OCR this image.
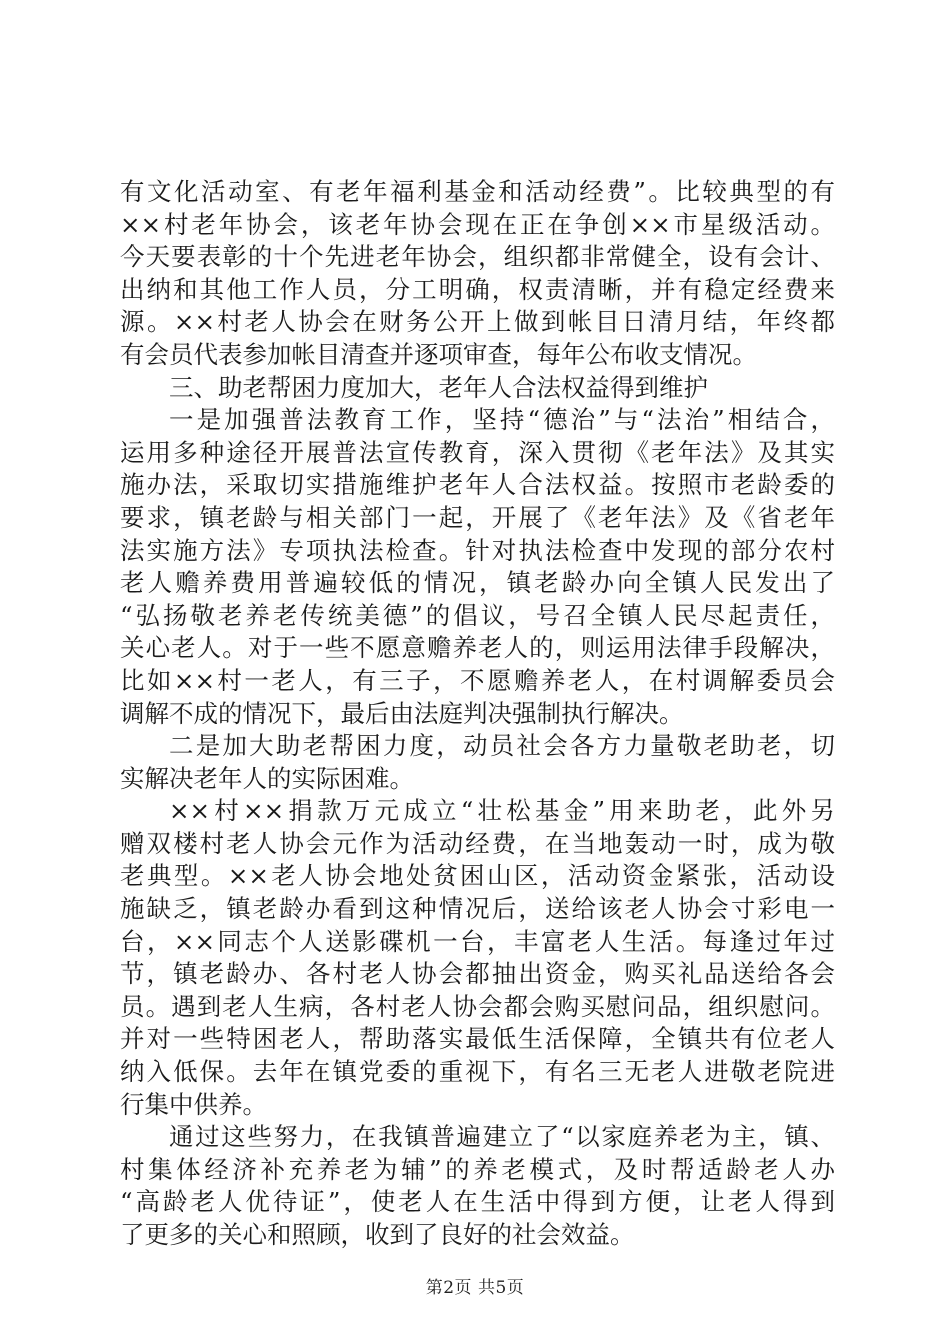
有文化活动室、有老年福利基金和活动经费”。比较典型的有
××村老年协会，该老年协会现在正在争创××市星级活动。
今天要表彰的十个先进老年协会，组织都非常健全，设有会计、
出纳和其他工作人员，分工明确，权责清晰，并有稳定经费来
源。××村老人协会在财务公开上做到帐目日清月结，年终都
有会员代表参加帐目清查并逐项审查，每年公布收支情况。
三、助老帮困力度加大，老年人合法权益得到维护
一是加强普法教育工作，坚持“德治”与“法治”相结合，
运用多种途径开展普法宣传教育，深入贯彻《老年法》及其实
施办法，采取切实措施维护老年人合法权益。按照市老龄委的
要求，镇老龄与相关部门一起，开展了《老年法》及《省老年
法实施方法》专项执法检查。针对执法检查中发现的部分农村
老人赡养费用普遍较低的情况，镇老龄办向全镇人民发出了
“弘扬敬老养老传统美德”的倡议，号召全镇人民尽起责任，
关心老人。对于一些不愿意赡养老人的，则运用法律手段解决，
比如××村一老人，有三子，不愿赡养老人，在村调解委员会
调解不成的情况下，最后由法庭判决强制执行解决。
二是加大助老帮困力度，动员社会各方力量敬老助老，切
实解决老年人的实际困难。
××村××捐款万元成立“壮松基金”用来助老，此外另
赠双楼村老人协会元作为活动经费，在当地轰动一时，成为敬
老典型。××老人协会地处贫困山区，活动资金紧张，活动设
施缺乏，镇老龄办看到这种情况后，送给该老人协会寸彩电一
台，××同志个人送影碟机一台，丰富老人生活。每逢过年过
节，镇老龄办、各村老人协会都抽出资金，购买礼品送给各会
员。遇到老人生病，各村老人协会都会购买慰问品，组织慰问。
并对一些特困老人，帮助落实最低生活保障，全镇共有位老人
纳入低保。去年在镇党委的重视下，有名三无老人进敬老院进
行集中供养。
通过这些努力，在我镇普遍建立了“以家庭养老为主，镇、
村集体经济补充养老为辅”的养老模式，及时帮适龄老人办
“高龄老人优待证”，使老人在生活中得到方便，让老人得到
了更多的关心和照顾，收到了良好的社会效益。
第2页 共5页
